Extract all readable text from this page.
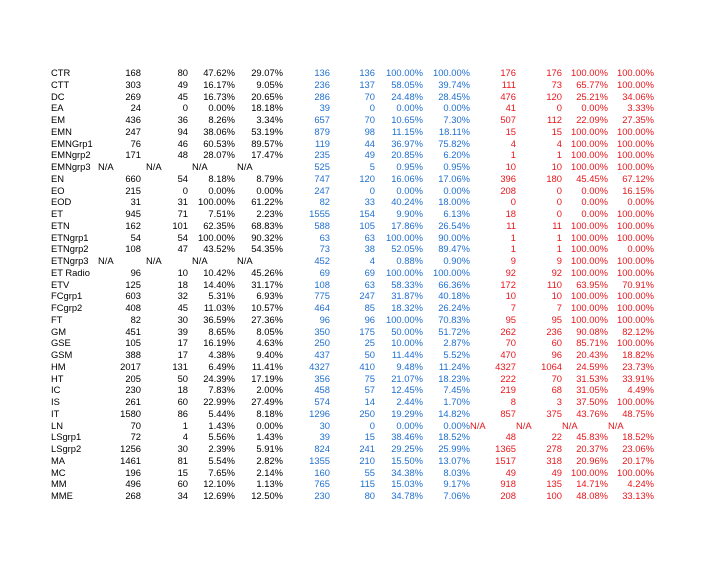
CTR	168	80 47.62% 29.07%	136	136 100.00% 100.00%	176	176 100.00% 100.00%
CTT	303	49 16.17% 9.05%	236	137 58.05% 39.74%	111	73 65.77% 100.00%
DC	269	45 16.73% 20.65%	286	70 24.48% 28.45%	476	120 25.21% 34.06%
EA	24	0 0.00% 18.18%	39	0 0.00% 0.00%	41	0 0.00% 3.33%
EM	436	36 8.26% 3.34%	657	70 10.65% 7.30%	507	112 22.09% 27.35%
EMN	247	94 38.06% 53.19%	879	98 11.15% 18.11%	15	15 100.00% 100.00%
EMNGrp1	76	46 60.53% 89.57%	119	44 36.97% 75.82%	4	4 100.00% 100.00%
EMNgrp2	171	48 28.07% 17.47%	235	49 20.85% 6.20%	1	1 100.00% 100.00%
EMNgrp3 N/A	N/A	N/A	N/A	525	5 0.95% 0.95%	10	10 100.00% 100.00%
EN	660	54 8.18% 8.79%	747	120 16.06% 17.06%	396	180 45.45% 67.12%
EO	215	0 0.00% 0.00%	247	0 0.00% 0.00%	208	0 0.00% 16.15%
EOD	31	31 100.00% 61.22%	82	33 40.24% 18.00%	0	0 0.00% 0.00%
ET	945	71 7.51% 2.23%	1555	154 9.90% 6.13%	18	0 0.00% 100.00%
ETN	162	101 62.35% 68.83%	588	105 17.86% 26.54%	11	11 100.00% 100.00%
ETNgrp1	54	54 100.00% 90.32%	63	63 100.00% 90.00%	1	1 100.00% 100.00%
ETNgrp2	108	47 43.52% 54.35%	73	38 52.05% 89.47%	1	1 100.00% 0.00%
ETNgrp3 N/A	N/A	N/A	N/A	452	4 0.88% 0.90%	9	9 100.00% 100.00%
ET Radio	96	10 10.42% 45.26%	69	69 100.00% 100.00%	92	92 100.00% 100.00%
ETV	125	18 14.40% 31.17%	108	63 58.33% 66.36%	172	110 63.95% 70.91%
FCgrp1	603	32 5.31% 6.93%	775	247 31.87% 40.18%	10	10 100.00% 100.00%
FCgrp2	408	45 11.03% 10.57%	464	85 18.32% 26.24%	7	7 100.00% 100.00%
FT	82	30 36.59% 27.36%	96	96 100.00% 70.83%	95	95 100.00% 100.00%
GM	451	39 8.65% 8.05%	350	175 50.00% 51.72%	262	236 90.08% 82.12%
GSE	105	17 16.19% 4.63%	250	25 10.00% 2.87%	70	60 85.71% 100.00%
GSM	388	17 4.38% 9.40%	437	50 11.44% 5.52%	470	96 20.43% 18.82%
HM	2017	131 6.49% 11.41%	4327	410 9.48% 11.24%	4327	1064 24.59% 23.73%
HT	205	50 24.39% 17.19%	356	75 21.07% 18.23%	222	70 31.53% 33.91%
IC	230	18 7.83% 2.00%	458	57 12.45% 7.45%	219	68 31.05% 4.49%
IS	261	60 22.99% 27.49%	574	14 2.44% 1.70%	8	3 37.50% 100.00%
IT	1580	86 5.44% 8.18%	1296	250 19.29% 14.82%	857	375 43.76% 48.75%
LN	70	1 1.43% 0.00%	30	0 0.00% 0.00% N/A	N/A	N/A	N/A
LSgrp1	72	4 5.56% 1.43%	39	15 38.46% 18.52%	48	22 45.83% 18.52%
LSgrp2	1256	30 2.39% 5.91%	824	241 29.25% 25.99%	1365	278 20.37% 23.06%
MA	1461	81 5.54% 2.82%	1355	210 15.50% 13.07%	1517	318 20.96% 20.17%
MC	196	15 7.65% 2.14%	160	55 34.38% 8.03%	49	49 100.00% 100.00%
MM	496	60 12.10% 1.13%	765	115 15.03% 9.17%	918	135 14.71% 4.24%
MME	268	34 12.69% 12.50%	230	80 34.78% 7.06%	208	100 48.08% 33.13%
